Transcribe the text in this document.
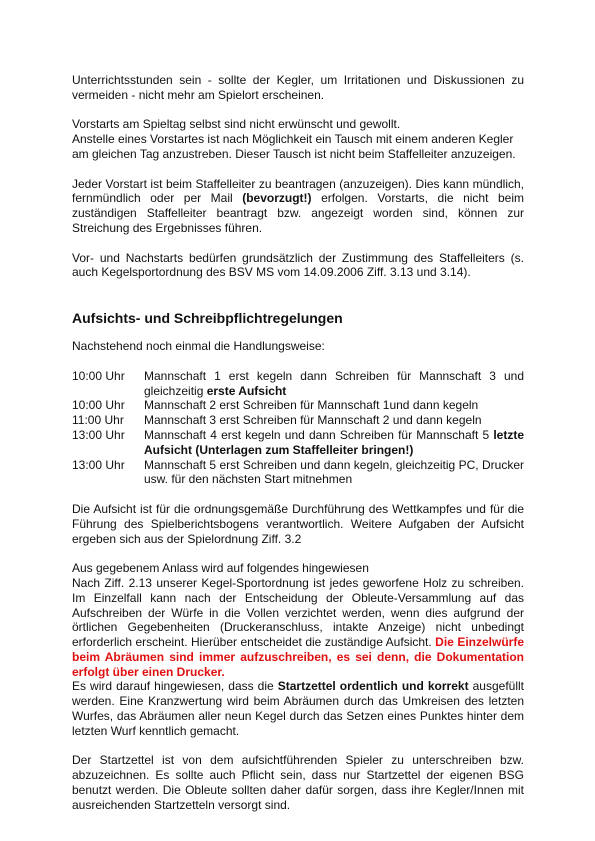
Unterrichtsstunden sein - sollte der Kegler, um Irritationen und Diskussionen zu vermeiden - nicht mehr am Spielort erscheinen.

Vorstarts am Spieltag selbst sind nicht erwünscht und gewollt.

Anstelle eines Vorstartes ist nach Möglichkeit ein Tausch mit einem anderen Kegler

am gleichen Tag anzustreben. Dieser Tausch ist nicht beim Staffelleiter anzuzeigen.

Jeder Vorstart ist beim Staffelleiter zu beantragen (anzuzeigen). Dies kann mündlich, fernmündlich oder per Mail (bevorzugt!) erfolgen. Vorstarts, die nicht beim zuständigen Staffelleiter beantragt bzw. angezeigt worden sind, können zur Streichung des Ergebnisses führen.

Vor- und Nachstarts bedürfen grundsätzlich der Zustimmung des Staffelleiters (s. auch Kegelsportordnung des BSV MS vom 14.09.2006 Ziff. 3.13 und 3.14).

Aufsichts- und Schreibpflichtregelungen

Nachstehend noch einmal die Handlungsweise:

10:00 Uhr	Mannschaft 1 erst kegeln dann Schreiben für Mannschaft 3 und gleichzeitig erste Aufsicht
10:00 Uhr	Mannschaft 2 erst Schreiben für Mannschaft 1und dann kegeln
11:00 Uhr	Mannschaft 3 erst Schreiben für Mannschaft 2 und dann kegeln
13:00 Uhr	Mannschaft 4 erst kegeln und dann Schreiben für Mannschaft 5 letzte Aufsicht (Unterlagen zum Staffelleiter bringen!)
13:00 Uhr	Mannschaft 5 erst Schreiben und dann kegeln, gleichzeitig PC, Drucker usw. für den nächsten Start mitnehmen

Die Aufsicht ist für die ordnungsgemäße Durchführung des Wettkampfes und für die Führung des Spielberichtsbogens verantwortlich. Weitere Aufgaben der Aufsicht ergeben sich aus der Spielordnung Ziff. 3.2

Aus gegebenem Anlass wird auf folgendes hingewiesen

Nach Ziff. 2.13 unserer Kegel-Sportordnung ist jedes geworfene Holz zu schreiben. Im Einzelfall kann nach der Entscheidung der Obleute-Versammlung auf das Aufschreiben der Würfe in die Vollen verzichtet werden, wenn dies aufgrund der örtlichen Gegebenheiten (Druckeranschluss, intakte Anzeige) nicht unbedingt erforderlich erscheint. Hierüber entscheidet die zuständige Aufsicht. Die Einzelwürfe beim Abräumen sind immer aufzuschreiben, es sei denn, die Dokumentation erfolgt über einen Drucker.

Es wird darauf hingewiesen, dass die Startzettel ordentlich und korrekt ausgefüllt werden. Eine Kranzwertung wird beim Abräumen durch das Umkreisen des letzten Wurfes, das Abräumen aller neun Kegel durch das Setzen eines Punktes hinter dem letzten Wurf kenntlich gemacht.

Der Startzettel ist von dem aufsichtführenden Spieler zu unterschreiben bzw. abzuzeichnen. Es sollte auch Pflicht sein, dass nur Startzettel der eigenen BSG benutzt werden. Die Obleute sollten daher dafür sorgen, dass ihre Kegler/Innen mit ausreichenden Startzetteln versorgt sind.
